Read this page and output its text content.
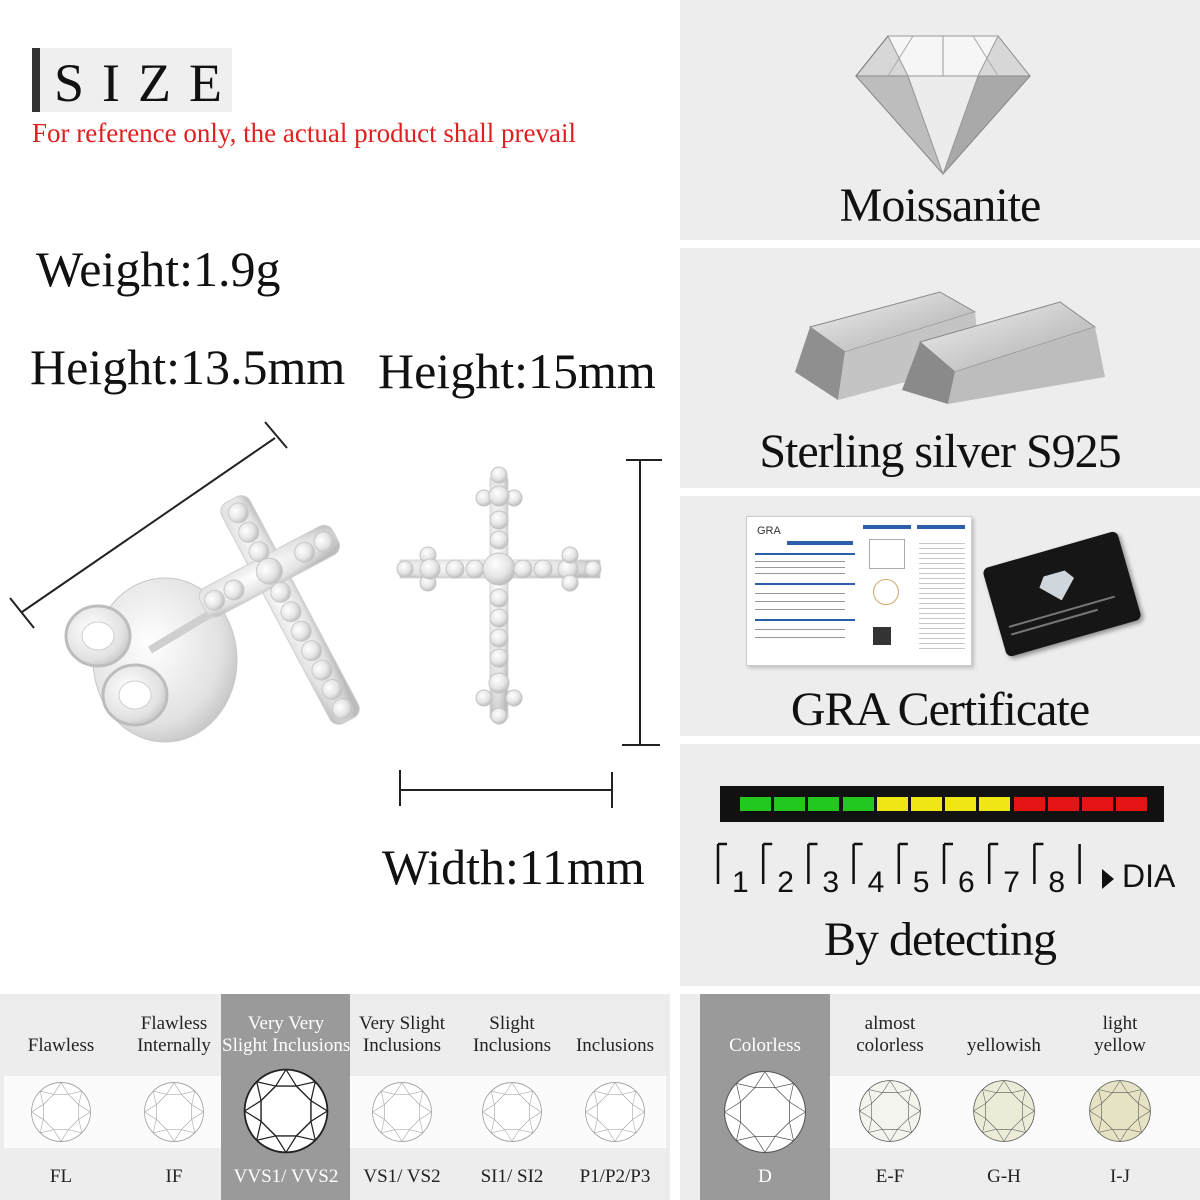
SIZE
For reference only, the actual product shall prevail
Weight:1.9g
Height:13.5mm Height:15mm
Width:11mm
Moissanite
Sterling silver S925
GRA
GRA Certificate
By detecting
1 2 3 4 5 6 7 8 DIA

Flawless
FL
Flawless
Internally
IF
Very Very
Slight Inclusions
VVS1/ VVS2
Very Slight
Inclusions
VS1/ VS2
Slight
Inclusions
SI1/ SI2

Inclusions
P1/P2/P3

Colorless
D
almost
colorless
E-F

yellowish
G-H
light
yellow
I-J
